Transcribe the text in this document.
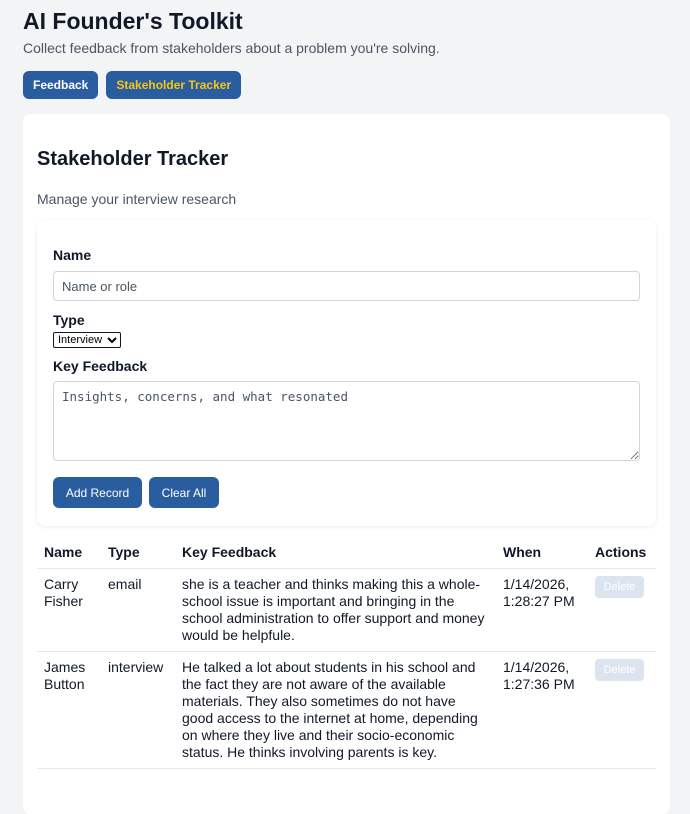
AI Founder's Toolkit
Collect feedback from stakeholders about a problem you're solving.
Feedback	Stakeholder Tracker
Stakeholder Tracker
Manage your interview research
Name
Name or role
Type
Interview
Key Feedback
Insights, concerns, and what resonated
Add Record	Clear All
Name	Type	Key Feedback	When	Actions
Carry Fisher	email	she is a teacher and thinks making this a whole-school issue is important and bringing in the school administration to offer support and money would be helpfule.	1/14/2026, 1:28:27 PM	Delete
James Button	interview	He talked a lot about students in his school and the fact they are not aware of the available materials. They also sometimes do not have good access to the internet at home, depending on where they live and their socio-economic status. He thinks involving parents is key.	1/14/2026, 1:27:36 PM	Delete
